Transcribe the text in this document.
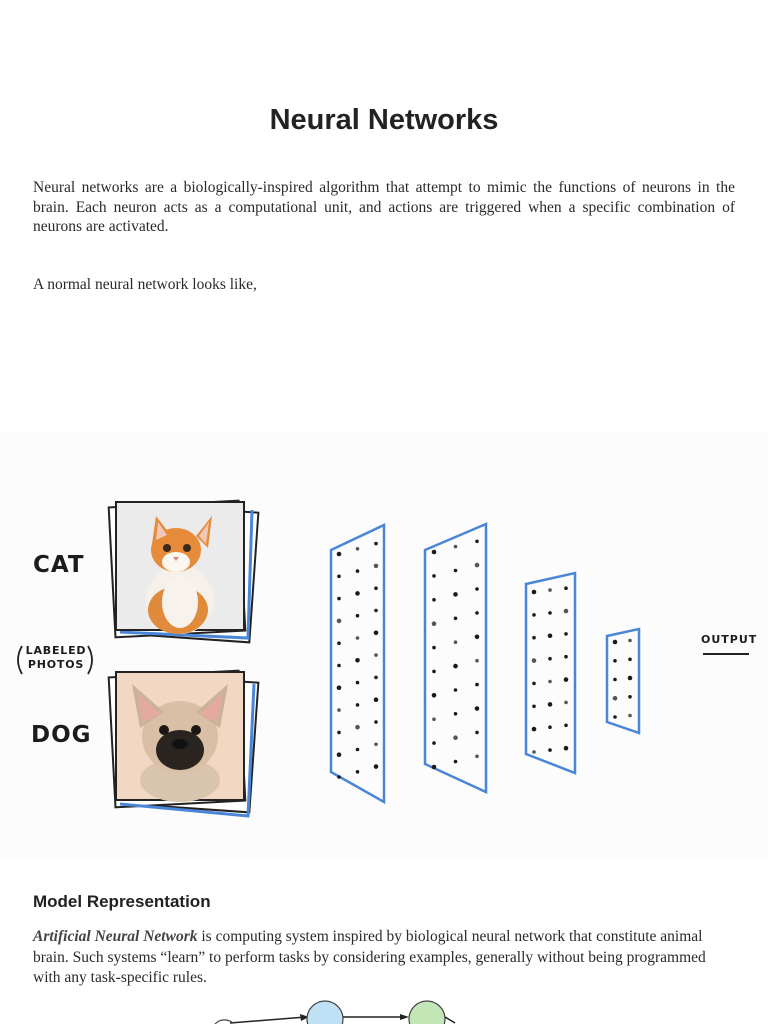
Neural Networks
Neural networks are a biologically-inspired algorithm that attempt to mimic the functions of neurons in the brain. Each neuron acts as a computational unit, and actions are triggered when a specific combination of neurons are activated.
A normal neural network looks like,
CAT
LABELED
PHOTOS
DOG
OUTPUT
Model Representation
Artificial Neural Network is computing system inspired by biological neural network that constitute animal brain. Such systems “learn” to perform tasks by considering examples, generally without being programmed with any task-specific rules.
